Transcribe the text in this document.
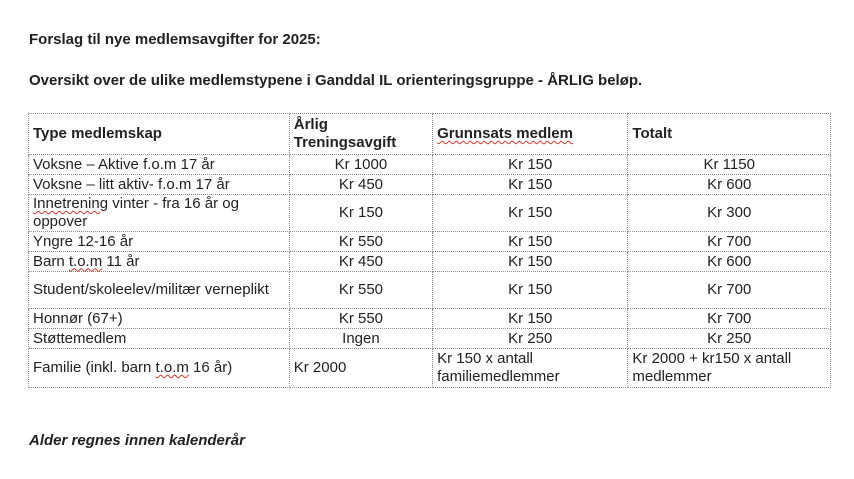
Forslag til nye medlemsavgifter for 2025:
Oversikt over de ulike medlemstypene i Ganddal IL orienteringsgruppe - ÅRLIG beløp.
Type medlemskap	Årlig Treningsavgift	Grunnsats medlem	Totalt
Voksne – Aktive f.o.m 17 år	Kr 1000	Kr 150	Kr 1150
Voksne – litt aktiv- f.o.m 17 år	Kr 450	Kr 150	Kr 600
Innetrening vinter - fra 16 år og oppover	Kr 150	Kr 150	Kr 300
Yngre 12-16 år	Kr 550	Kr 150	Kr 700
Barn t.o.m 11 år	Kr 450	Kr 150	Kr 600
Student/skoleelev/militær verneplikt	Kr 550	Kr 150	Kr 700
Honnør (67+)	Kr 550	Kr 150	Kr 700
Støttemedlem	Ingen	Kr 250	Kr 250
Familie (inkl. barn t.o.m 16 år)	Kr 2000	Kr 150 x antall familiemedlemmer	Kr 2000 + kr150 x antall medlemmer
Alder regnes innen kalenderår
